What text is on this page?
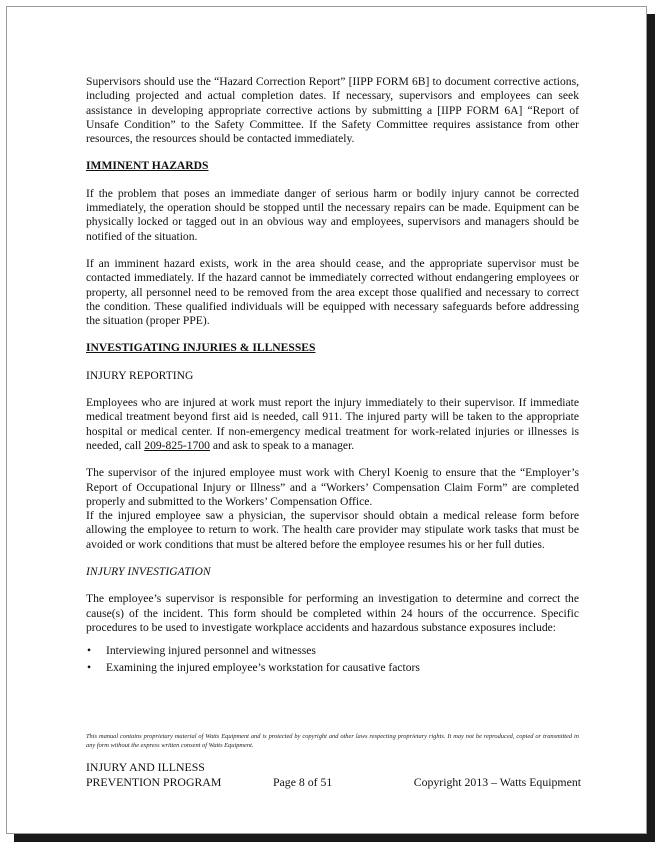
Supervisors should use the “Hazard Correction Report” [IIPP FORM 6B] to document corrective actions, including projected and actual completion dates. If necessary, supervisors and employees can seek assistance in developing appropriate corrective actions by submitting a [IIPP FORM 6A] “Report of Unsafe Condition” to the Safety Committee. If the Safety Committee requires assistance from other resources, the resources should be contacted immediately.

IMMINENT HAZARDS

If the problem that poses an immediate danger of serious harm or bodily injury cannot be corrected immediately, the operation should be stopped until the necessary repairs can be made. Equipment can be physically locked or tagged out in an obvious way and employees, supervisors and managers should be notified of the situation.

If an imminent hazard exists, work in the area should cease, and the appropriate supervisor must be contacted immediately. If the hazard cannot be immediately corrected without endangering employees or property, all personnel need to be removed from the area except those qualified and necessary to correct the condition. These qualified individuals will be equipped with necessary safeguards before addressing the situation (proper PPE).

INVESTIGATING INJURIES & ILLNESSES
INJURY REPORTING

Employees who are injured at work must report the injury immediately to their supervisor. If immediate medical treatment beyond first aid is needed, call 911. The injured party will be taken to the appropriate hospital or medical center. If non-emergency medical treatment for work-related injuries or illnesses is needed, call 209-825-1700 and ask to speak to a manager.

The supervisor of the injured employee must work with Cheryl Koenig to ensure that the “Employer’s Report of Occupational Injury or Illness” and a “Workers’ Compensation Claim Form” are completed properly and submitted to the Workers’ Compensation Office.

If the injured employee saw a physician, the supervisor should obtain a medical release form before allowing the employee to return to work. The health care provider may stipulate work tasks that must be avoided or work conditions that must be altered before the employee resumes his or her full duties.

INJURY INVESTIGATION

The employee’s supervisor is responsible for performing an investigation to determine and correct the cause(s) of the incident. This form should be completed within 24 hours of the occurrence. Specific procedures to be used to investigate workplace accidents and hazardous substance exposures include:

• Interviewing injured personnel and witnesses
• Examining the injured employee’s workstation for causative factors
This manual contains proprietary material of Watts Equipment and is protected by copyright and other laws respecting proprietary rights. It may not be reproduced, copied or transmitted in any form without the express written consent of Watts Equipment.
INJURY AND ILLNESS
PREVENTION PROGRAM	Page 8 of 51	Copyright 2013 – Watts Equipment
